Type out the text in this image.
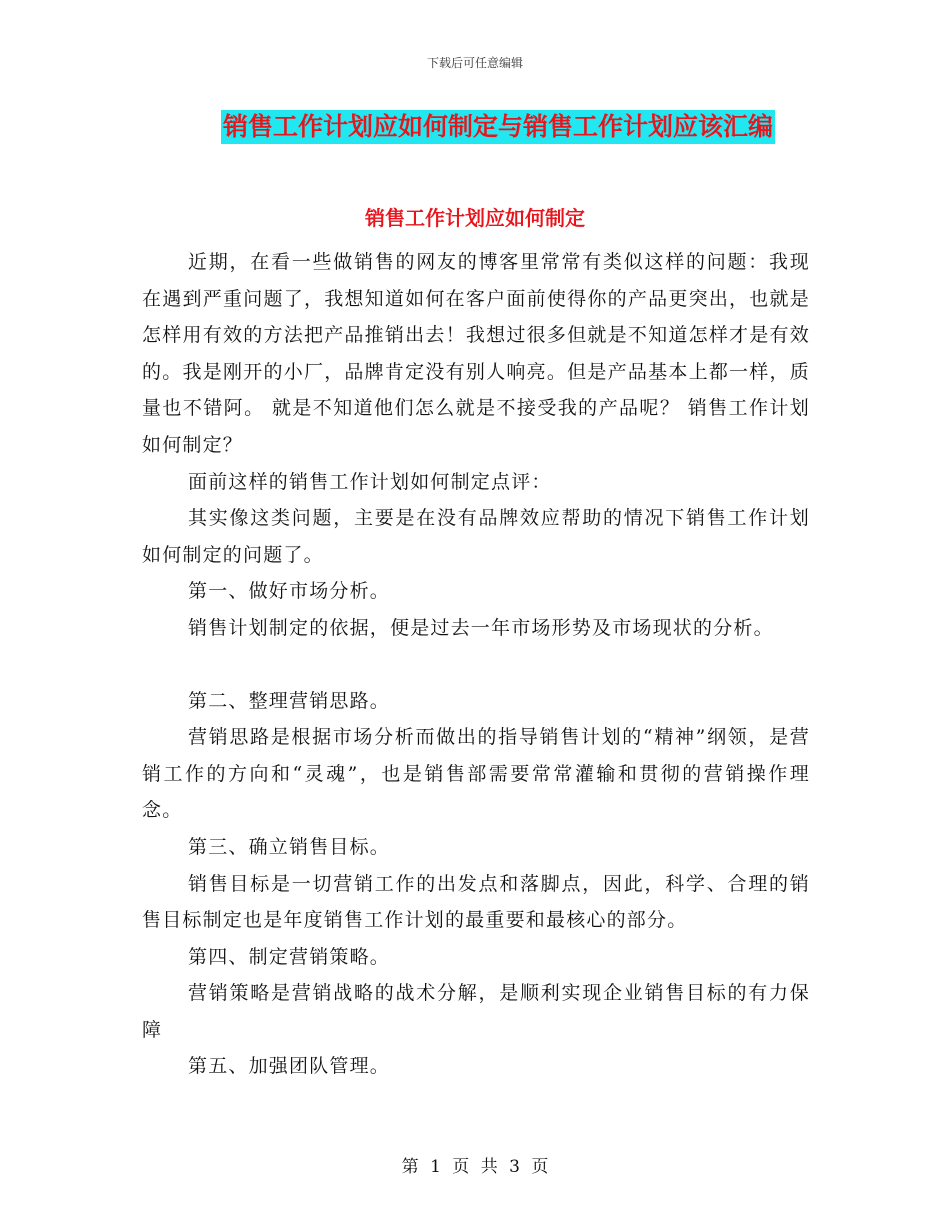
下载后可任意编辑
销售工作计划应如何制定与销售工作计划应该汇编
销售工作计划应如何制定

近期，在看一些做销售的网友的博客里常常有类似这样的问题：我现在遇到严重问题了，我想知道如何在客户面前使得你的产品更突出，也就是怎样用有效的方法把产品推销出去！我想过很多但就是不知道怎样才是有效的。我是刚开的小厂，品牌肯定没有别人响亮。但是产品基本上都一样，质量也不错阿。 就是不知道他们怎么就是不接受我的产品呢？ 销售工作计划如何制定？

面前这样的销售工作计划如何制定点评：

其实像这类问题，主要是在没有品牌效应帮助的情况下销售工作计划如何制定的问题了。

第一、做好市场分析。

销售计划制定的依据，便是过去一年市场形势及市场现状的分析。

第二、整理营销思路。

营销思路是根据市场分析而做出的指导销售计划的“精神”纲领，是营销工作的方向和“灵魂”，也是销售部需要常常灌输和贯彻的营销操作理念。

第三、确立销售目标。

销售目标是一切营销工作的出发点和落脚点，因此，科学、合理的销售目标制定也是年度销售工作计划的最重要和最核心的部分。

第四、制定营销策略。

营销策略是营销战略的战术分解，是顺利实现企业销售目标的有力保障

第五、加强团队管理。

第 1 页 共 3 页
